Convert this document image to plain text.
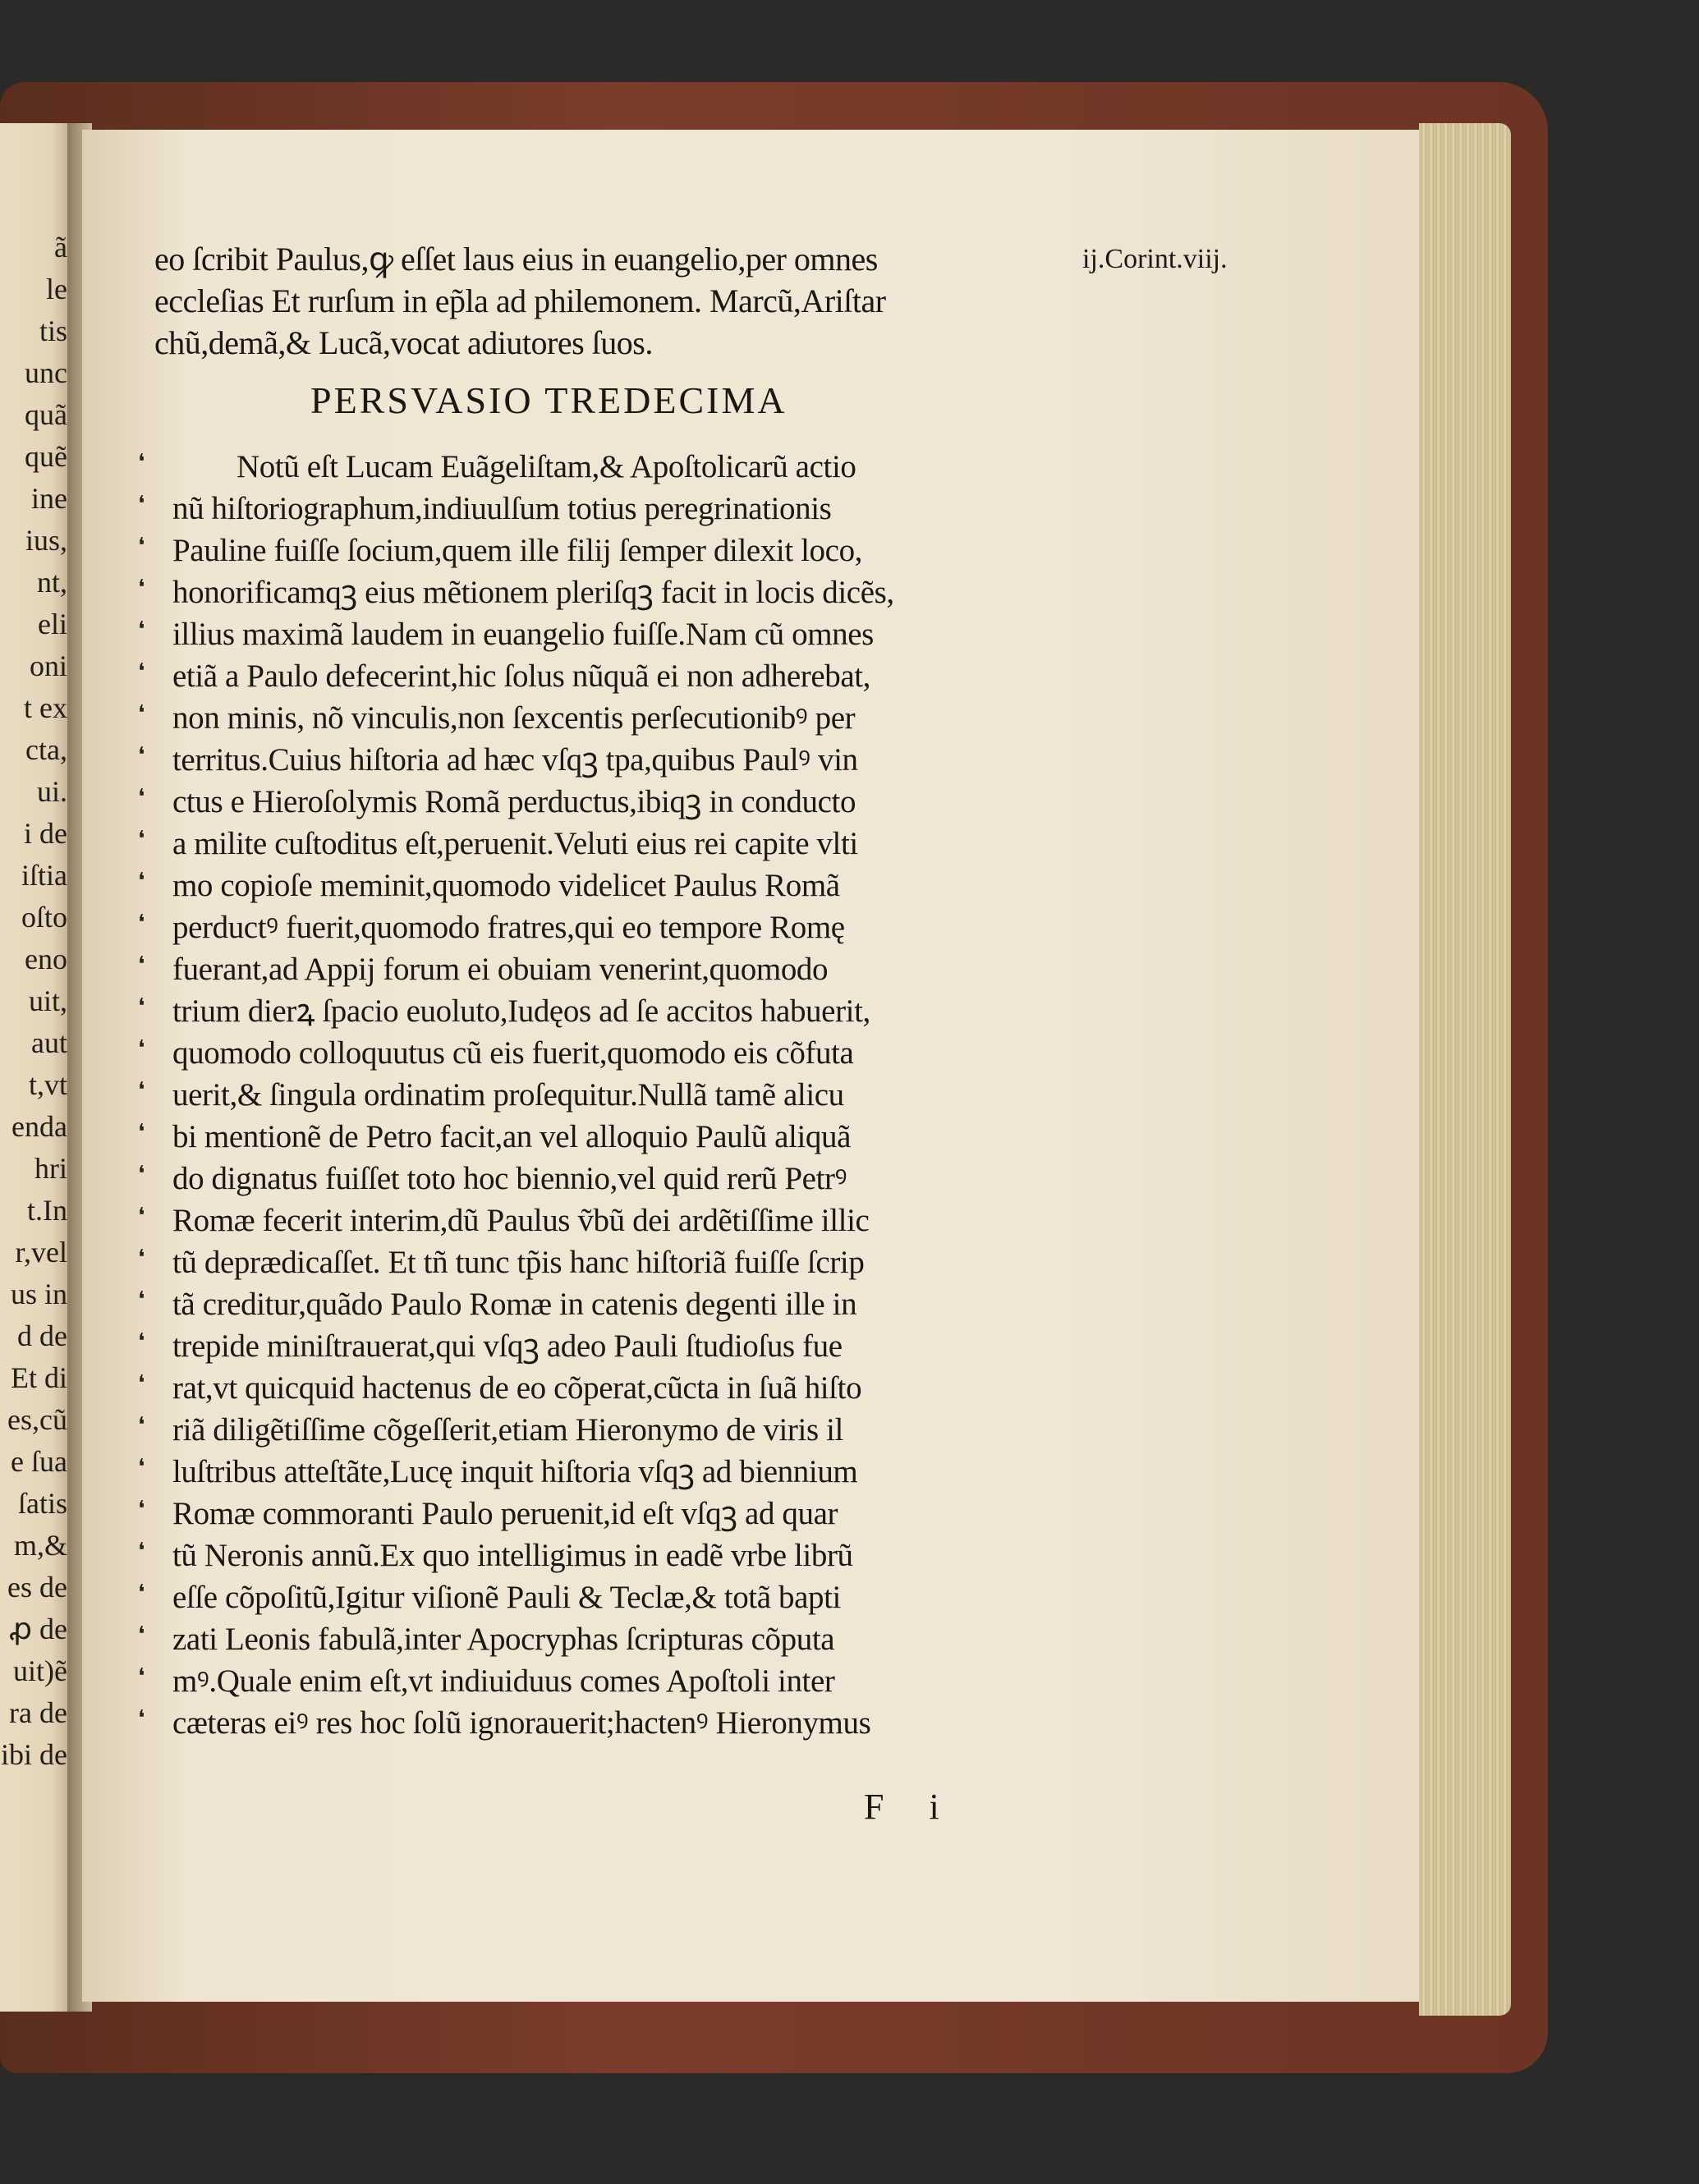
ã
le
tis
unc
quã
quẽ
ine
ius,
nt,
eli
oni
t ex
cta,
ui.
i de
iſtia
oſto
eno
uit,
aut
t,vt
enda
hri
t.In
r,vel
us in
d de
Et di
es,cũ
e ſua
ſatis
m,&
es de
ꝓ de
uit)ẽ
ra de
ibi de
eo ſcribit Paulus,ꝙ eſſet laus eius in euangelio,per omnes
eccleſias Et rurſum in ep̃la ad philemonem. Marcũ,Ariſtar
chũ,demã,& Lucã,vocat adiutores ſuos.
PERSVASIO TREDECIMA
❛	Notũ eſt Lucam Euãgeliſtam,& Apoſtolicarũ actio
❛ nũ hiſtoriographum,indiuulſum totius peregrinationis
❛ Pauline fuiſſe ſocium,quem ille filij ſemper dilexit loco,
❛ honorificamqꝫ eius mẽtionem pleriſqꝫ facit in locis dicẽs,
❛ illius maximã laudem in euangelio fuiſſe.Nam cũ omnes
❛ etiã a Paulo defecerint,hic ſolus nũquã ei non adherebat,
❛ non minis, nõ vinculis,non ſexcentis perſecutionibꝰ per
❛ territus.Cuius hiſtoria ad hæc vſqꝫ tpa,quibus Paulꝰ vin
❛ ctus e Hieroſolymis Romã perductus,ibiqꝫ in conducto
❛ a milite cuſtoditus eſt,peruenit.Veluti eius rei capite vlti
❛ mo copioſe meminit,quomodo videlicet Paulus Romã
❛ perductꝰ fuerit,quomodo fratres,qui eo tempore Romę
❛ fuerant,ad Appij forum ei obuiam venerint,quomodo
❛ trium dierꝝ ſpacio euoluto,Iudęos ad ſe accitos habuerit,
❛ quomodo colloquutus cũ eis fuerit,quomodo eis cõfuta
❛ uerit,& ſingula ordinatim proſequitur.Nullã tamẽ alicu
❛ bi mentionẽ de Petro facit,an vel alloquio Paulũ aliquã
❛ do dignatus fuiſſet toto hoc biennio,vel quid rerũ Petrꝰ
❛ Romæ fecerit interim,dũ Paulus ṽbũ dei ardẽtiſſime illic
❛ tũ deprædicaſſet. Et tñ tunc tp̃is hanc hiſtoriã fuiſſe ſcrip
❛ tã creditur,quãdo Paulo Romæ in catenis degenti ille in
❛ trepide miniſtrauerat,qui vſqꝫ adeo Pauli ſtudioſus fue
❛ rat,vt quicquid hactenus de eo cõperat,cũcta in ſuã hiſto
❛ riã diligẽtiſſime cõgeſſerit,etiam Hieronymo de viris il
❛ luſtribus atteſtãte,Lucę inquit hiſtoria vſqꝫ ad biennium
❛ Romæ commoranti Paulo peruenit,id eſt vſqꝫ ad quar
❛ tũ Neronis annũ.Ex quo intelligimus in eadẽ vrbe librũ
❛ eſſe cõpoſitũ,Igitur viſionẽ Pauli & Teclæ,& totã bapti
❛ zati Leonis fabulã,inter Apocryphas ſcripturas cõputa
❛ mꝰ.Quale enim eſt,vt indiuiduus comes Apoſtoli inter
❛ cæteras eiꝰ res hoc ſolũ ignorauerit;hactenꝰ Hieronymus
ij.Corint.viij.
F i
